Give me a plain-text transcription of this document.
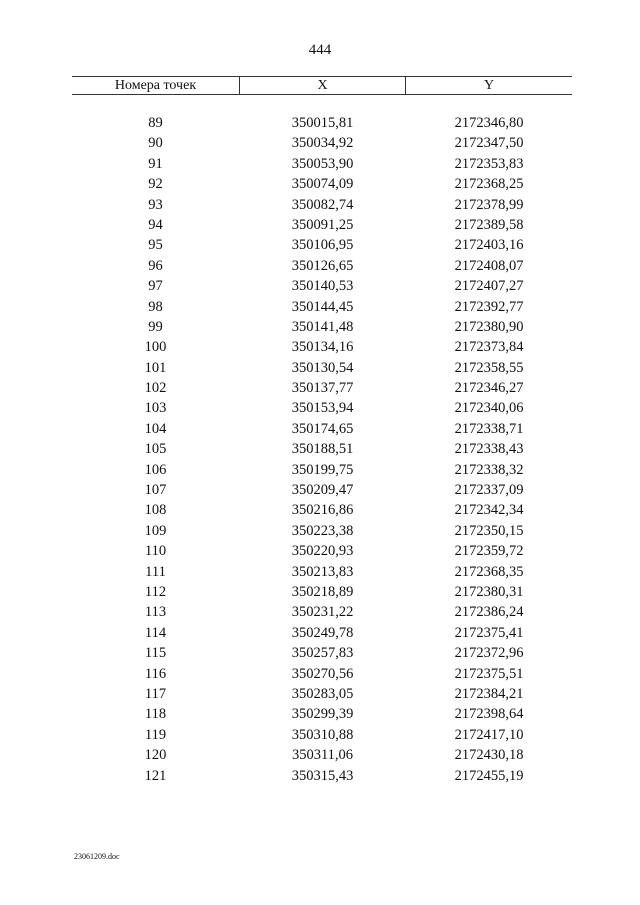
444
Номера точек	X	Y
89	350015,81	2172346,80
90	350034,92	2172347,50
91	350053,90	2172353,83
92	350074,09	2172368,25
93	350082,74	2172378,99
94	350091,25	2172389,58
95	350106,95	2172403,16
96	350126,65	2172408,07
97	350140,53	2172407,27
98	350144,45	2172392,77
99	350141,48	2172380,90
100	350134,16	2172373,84
101	350130,54	2172358,55
102	350137,77	2172346,27
103	350153,94	2172340,06
104	350174,65	2172338,71
105	350188,51	2172338,43
106	350199,75	2172338,32
107	350209,47	2172337,09
108	350216,86	2172342,34
109	350223,38	2172350,15
110	350220,93	2172359,72
111	350213,83	2172368,35
112	350218,89	2172380,31
113	350231,22	2172386,24
114	350249,78	2172375,41
115	350257,83	2172372,96
116	350270,56	2172375,51
117	350283,05	2172384,21
118	350299,39	2172398,64
119	350310,88	2172417,10
120	350311,06	2172430,18
121	350315,43	2172455,19
23061209.doc
